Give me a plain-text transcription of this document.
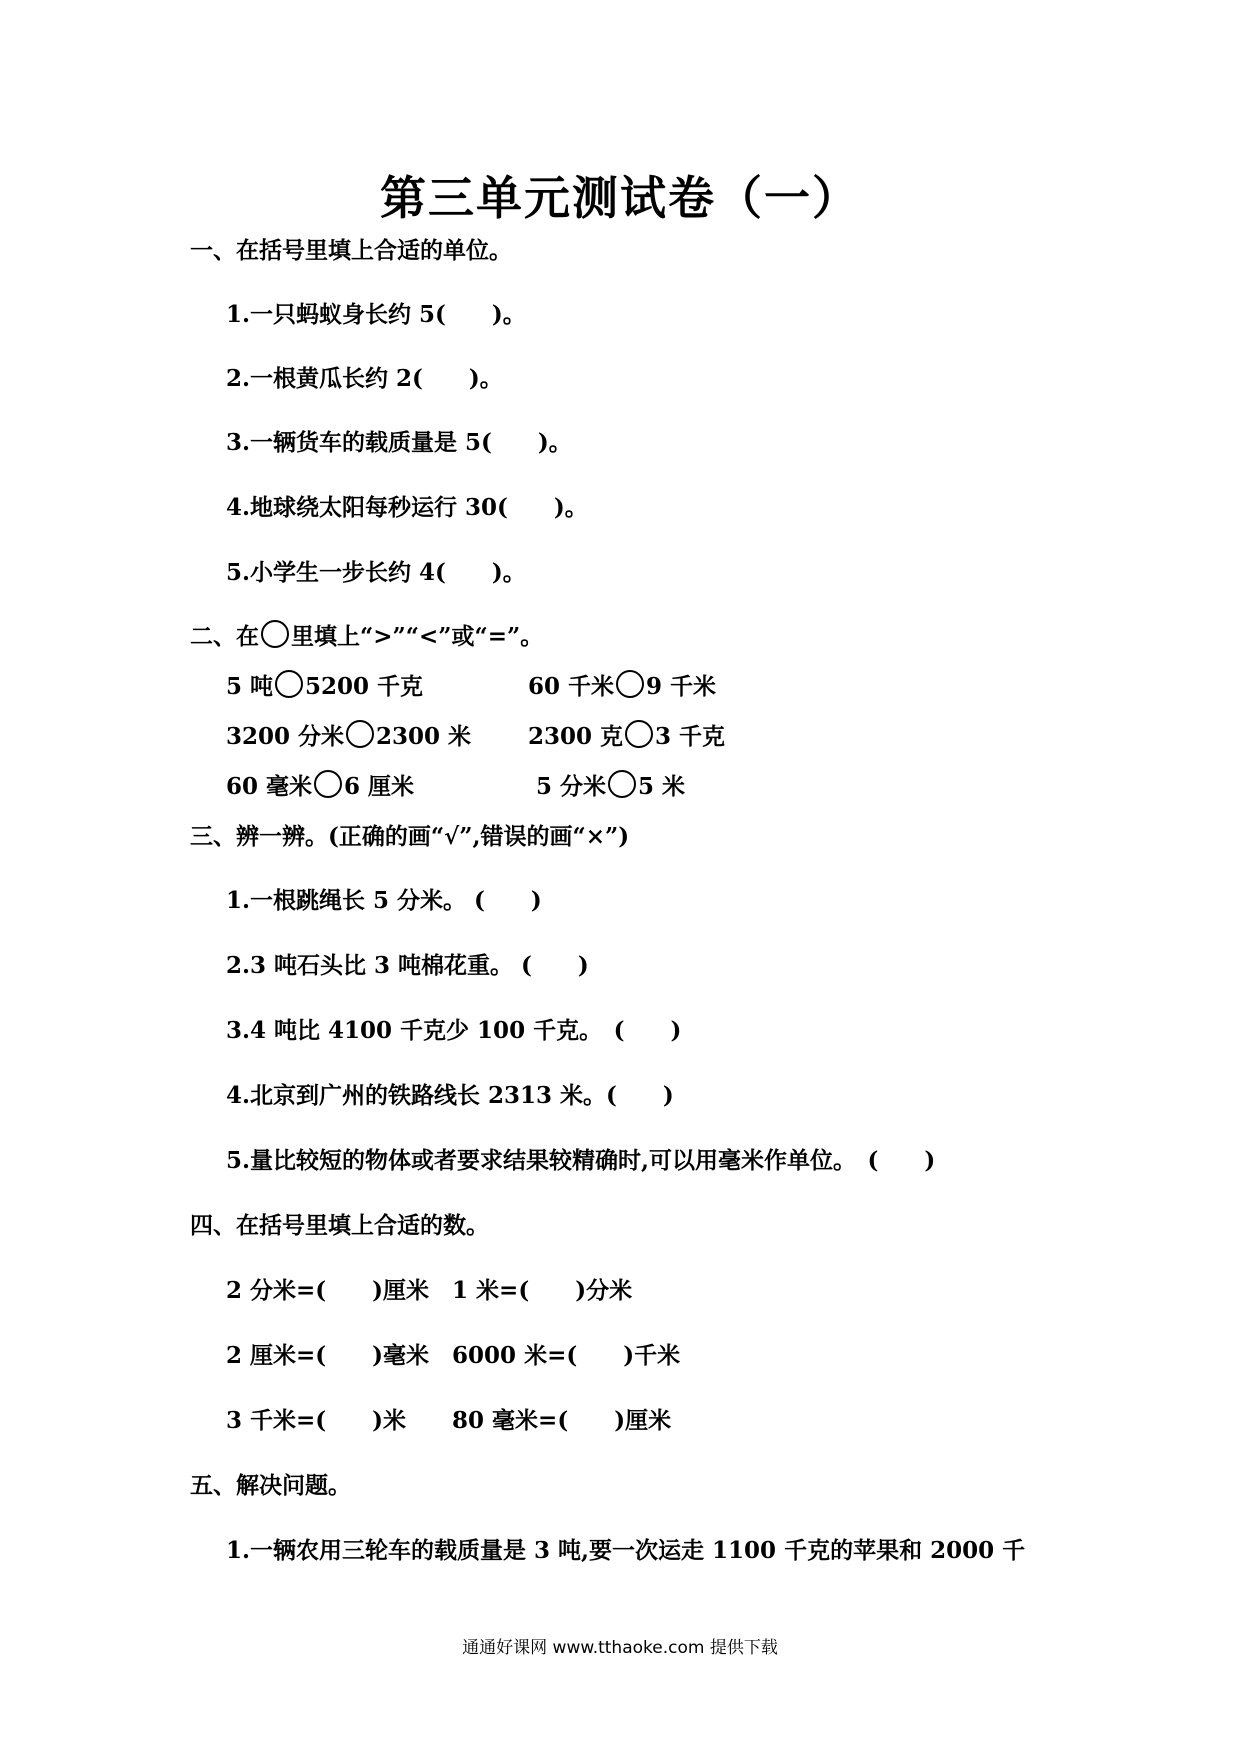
第三单元测试卷（一）
一、在括号里填上合适的单位。
1.一只蚂蚁身长约 5(　　)。
2.一根黄瓜长约 2(　　)。
3.一辆货车的载质量是 5(　　)。
4.地球绕太阳每秒运行 30(　　)。
5.小学生一步长约 4(　　)。
二、在 里填上“>”“<”或“=”。
5 吨 5200 千克	60 千米 9 千米
3200 分米 2300 米 2300 克 3 千克
60 毫米 6 厘米	5 分米 5 米
三、辨一辨。(正确的画“√”,错误的画“×”)
1.一根跳绳长 5 分米。 (　　)
2.3 吨石头比 3 吨棉花重。 (　　)
3.4 吨比 4100 千克少 100 千克。　(　　)
4.北京到广州的铁路线长 2313 米。(　　)
5.量比较短的物体或者要求结果较精确时,可以用毫米作单位。　(　　)
四、在括号里填上合适的数。
2 分米=(　　)厘米　1 米=(　　)分米
2 厘米=(　　)毫米　6000 米=(　　)千米
3 千米=(　　)米　　80 毫米=(　　)厘米
五、解决问题。
1.一辆农用三轮车的载质量是 3 吨,要一次运走 1100 千克的苹果和 2000 千
通通好课网 www.tthaoke.com 提供下载
